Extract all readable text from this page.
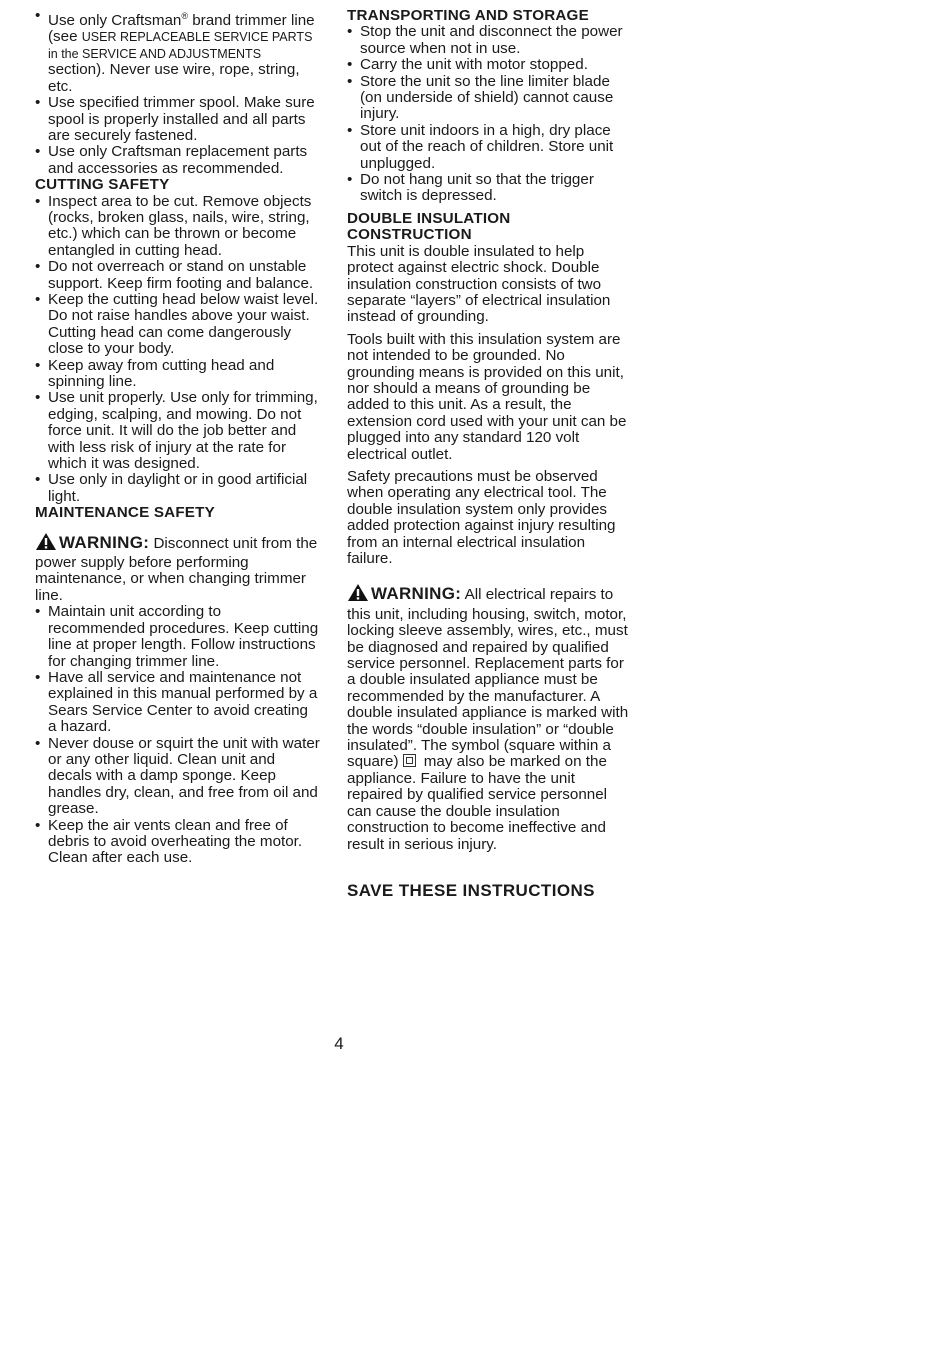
• Use only Craftsman® brand trimmer line (see USER REPLACEABLE SERVICE PARTS in the SERVICE AND ADJUSTMENTS section). Never use wire, rope, string, etc.
• Use specified trimmer spool. Make sure spool is properly installed and all parts are securely fastened.
• Use only Craftsman replacement parts and accessories as recommended.
CUTTING SAFETY
• Inspect area to be cut. Remove objects (rocks, broken glass, nails, wire, string, etc.) which can be thrown or become entangled in cutting head.
• Do not overreach or stand on unstable support. Keep firm footing and balance.
• Keep the cutting head below waist level. Do not raise handles above your waist. Cutting head can come dangerously close to your body.
• Keep away from cutting head and spinning line.
• Use unit properly. Use only for trimming, edging, scalping, and mowing. Do not force unit. It will do the job better and with less risk of injury at the rate for which it was designed.
• Use only in daylight or in good artificial light.
MAINTENANCE SAFETY

WARNING: Disconnect unit from the power supply before performing maintenance, or when changing trimmer line.

• Maintain unit according to recommended procedures. Keep cutting line at proper length. Follow instructions for changing trimmer line.
• Have all service and maintenance not explained in this manual performed by a Sears Service Center to avoid creating a hazard.
• Never douse or squirt the unit with water or any other liquid. Clean unit and decals with a damp sponge. Keep handles dry, clean, and free from oil and grease.
• Keep the air vents clean and free of debris to avoid overheating the motor. Clean after each use.
TRANSPORTING AND STORAGE
• Stop the unit and disconnect the power source when not in use.
• Carry the unit with motor stopped.
• Store the unit so the line limiter blade (on underside of shield) cannot cause injury.
• Store unit indoors in a high, dry place out of the reach of children. Store unit unplugged.
• Do not hang unit so that the trigger switch is depressed.
DOUBLE INSULATION CONSTRUCTION

This unit is double insulated to help protect against electric shock. Double insulation construction consists of two separate “layers” of electrical insulation instead of grounding.

Tools built with this insulation system are not intended to be grounded. No grounding means is provided on this unit, nor should a means of grounding be added to this unit. As a result, the extension cord used with your unit can be plugged into any standard 120 volt electrical outlet.

Safety precautions must be observed when operating any electrical tool. The double insulation system only provides added protection against injury resulting from an internal electrical insulation failure.

WARNING: All electrical repairs to this unit, including housing, switch, motor, locking sleeve assembly, wires, etc., must be diagnosed and repaired by qualified service personnel. Replacement parts for a double insulated appliance must be recommended by the manufacturer. A double insulated appliance is marked with the words “double insulation” or “double insulated”. The symbol (square within a square) may also be marked on the appliance. Failure to have the unit repaired by qualified service personnel can cause the double insulation construction to become ineffective and result in serious injury.

SAVE THESE INSTRUCTIONS
4
